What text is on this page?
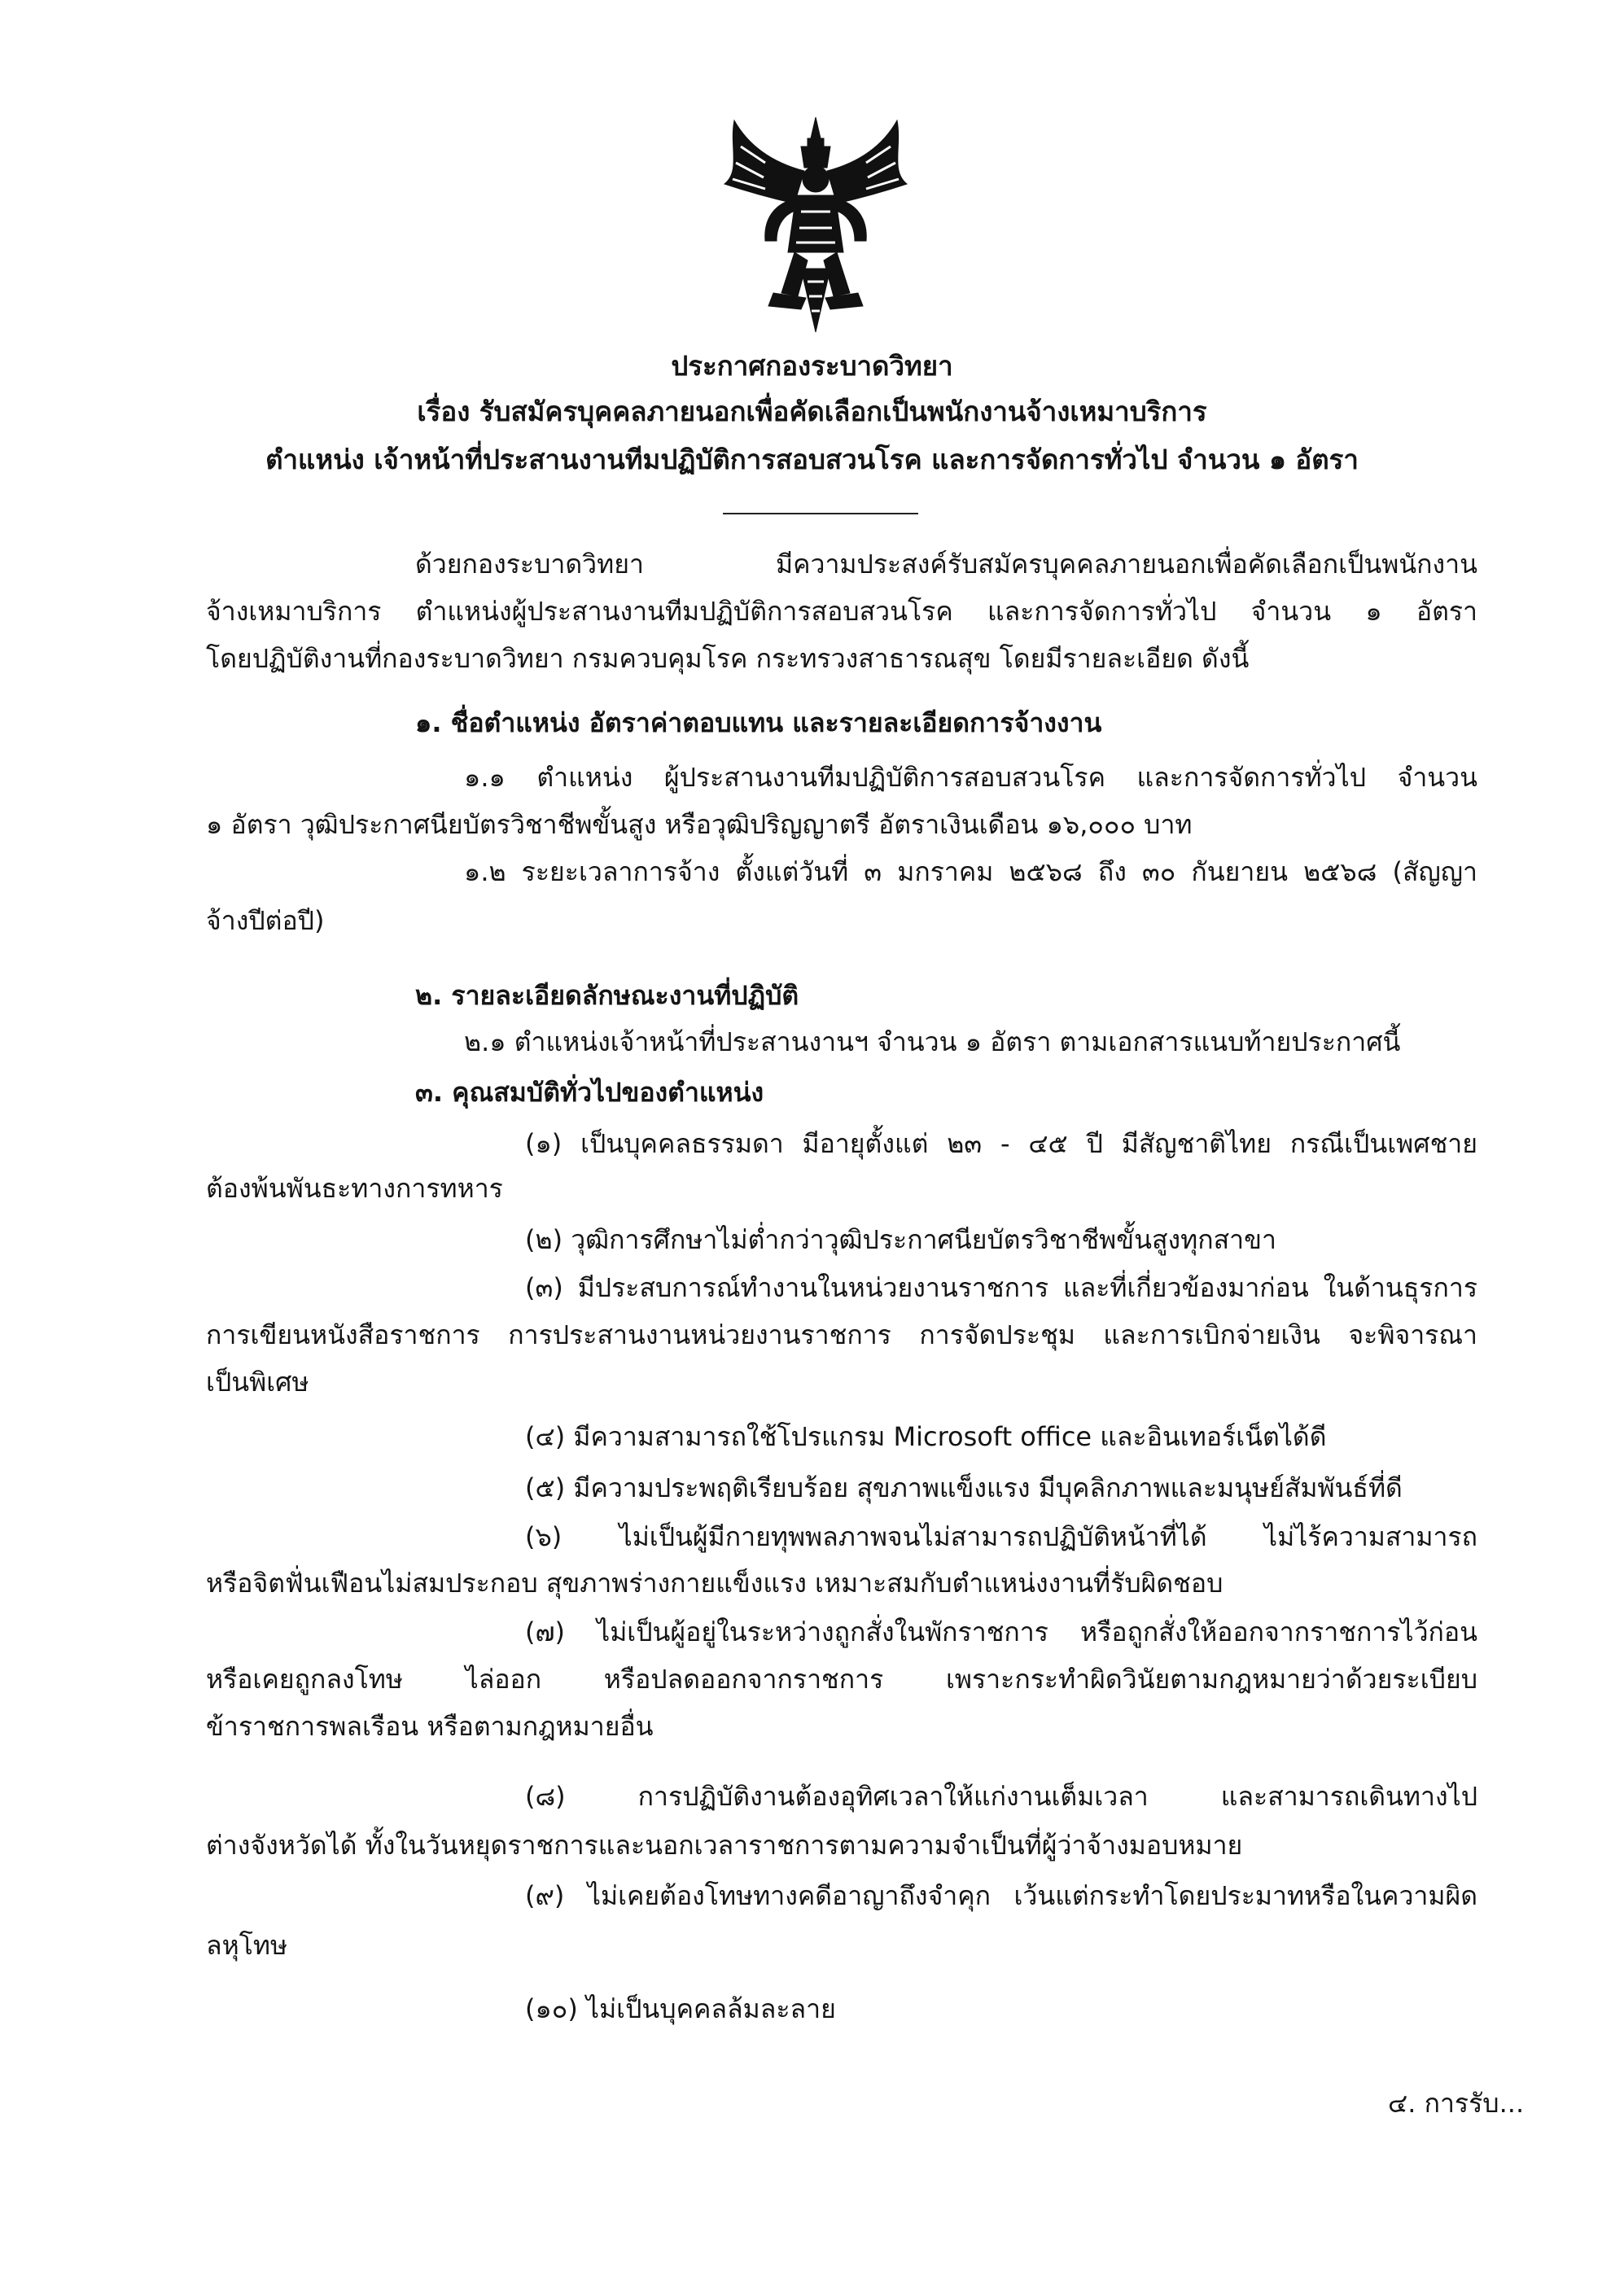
ประกาศกองระบาดวิทยา
เรื่อง รับสมัครบุคคลภายนอกเพื่อคัดเลือกเป็นพนักงานจ้างเหมาบริการ
ตำแหน่ง เจ้าหน้าที่ประสานงานทีมปฏิบัติการสอบสวนโรค และการจัดการทั่วไป จำนวน ๑ อัตรา
ด้วยกองระบาดวิทยา มีความประสงค์รับสมัครบุคคลภายนอกเพื่อคัดเลือกเป็นพนักงาน
จ้างเหมาบริการ ตำแหน่งผู้ประสานงานทีมปฏิบัติการสอบสวนโรค และการจัดการทั่วไป จำนวน ๑ อัตรา
โดยปฏิบัติงานที่กองระบาดวิทยา กรมควบคุมโรค กระทรวงสาธารณสุข โดยมีรายละเอียด ดังนี้
๑. ชื่อตำแหน่ง อัตราค่าตอบแทน และรายละเอียดการจ้างงาน
๑.๑ ตำแหน่ง ผู้ประสานงานทีมปฏิบัติการสอบสวนโรค และการจัดการทั่วไป จำนวน
๑ อัตรา วุฒิประกาศนียบัตรวิชาชีพขั้นสูง หรือวุฒิปริญญาตรี อัตราเงินเดือน ๑๖,๐๐๐ บาท
๑.๒ ระยะเวลาการจ้าง ตั้งแต่วันที่ ๓ มกราคม ๒๕๖๘ ถึง ๓๐ กันยายน ๒๕๖๘ (สัญญา
จ้างปีต่อปี)
๒. รายละเอียดลักษณะงานที่ปฏิบัติ
๒.๑ ตำแหน่งเจ้าหน้าที่ประสานงานฯ จำนวน ๑ อัตรา ตามเอกสารแนบท้ายประกาศนี้
๓. คุณสมบัติทั่วไปของตำแหน่ง
(๑) เป็นบุคคลธรรมดา มีอายุตั้งแต่ ๒๓ - ๔๕ ปี มีสัญชาติไทย กรณีเป็นเพศชาย
ต้องพ้นพันธะทางการทหาร
(๒) วุฒิการศึกษาไม่ต่ำกว่าวุฒิประกาศนียบัตรวิชาชีพขั้นสูงทุกสาขา
(๓) มีประสบการณ์ทำงานในหน่วยงานราชการ และที่เกี่ยวข้องมาก่อน ในด้านธุรการ
การเขียนหนังสือราชการ การประสานงานหน่วยงานราชการ การจัดประชุม และการเบิกจ่ายเงิน จะพิจารณา
เป็นพิเศษ
(๔) มีความสามารถใช้โปรแกรม Microsoft office และอินเทอร์เน็ตได้ดี
(๕) มีความประพฤติเรียบร้อย สุขภาพแข็งแรง มีบุคลิกภาพและมนุษย์สัมพันธ์ที่ดี
(๖) ไม่เป็นผู้มีกายทุพพลภาพจนไม่สามารถปฏิบัติหน้าที่ได้ ไม่ไร้ความสามารถ
หรือจิตฟั่นเฟือนไม่สมประกอบ สุขภาพร่างกายแข็งแรง เหมาะสมกับตำแหน่งงานที่รับผิดชอบ
(๗) ไม่เป็นผู้อยู่ในระหว่างถูกสั่งในพักราชการ หรือถูกสั่งให้ออกจากราชการไว้ก่อน
หรือเคยถูกลงโทษ ไล่ออก หรือปลดออกจากราชการ เพราะกระทำผิดวินัยตามกฎหมายว่าด้วยระเบียบ
ข้าราชการพลเรือน หรือตามกฎหมายอื่น
(๘) การปฏิบัติงานต้องอุทิศเวลาให้แก่งานเต็มเวลา และสามารถเดินทางไป
ต่างจังหวัดได้ ทั้งในวันหยุดราชการและนอกเวลาราชการตามความจำเป็นที่ผู้ว่าจ้างมอบหมาย
(๙) ไม่เคยต้องโทษทางคดีอาญาถึงจำคุก เว้นแต่กระทำโดยประมาทหรือในความผิด
ลหุโทษ
(๑๐) ไม่เป็นบุคคลล้มละลาย
๔. การรับ...
